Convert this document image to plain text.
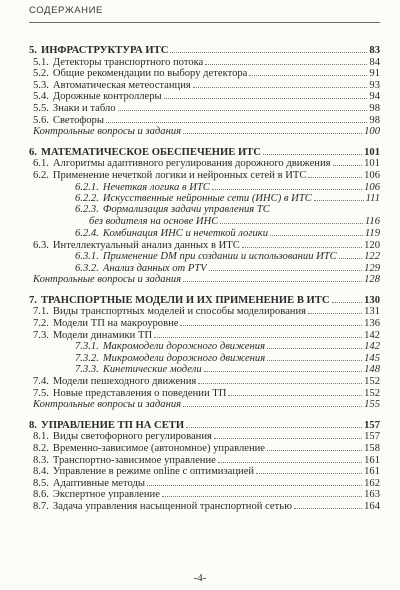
СОДЕРЖАНИЕ
5. ИНФРАСТРУКТУРА ИТС	83
5.1. Детекторы транспортного потока	84
5.2. Общие рекомендации по выбору детектора	91
5.3. Автоматическая метеостанция	93
5.4. Дорожные контроллеры	94
5.5. Знаки и табло	98
5.6. Светофоры	98
Контрольные вопросы и задания	100
6. МАТЕМАТИЧЕСКОЕ ОБЕСПЕЧЕНИЕ ИТС	101
6.1. Алгоритмы адаптивного регулирования дорожного движения	101
6.2. Применение нечеткой логики и нейронных сетей в ИТС	106
6.2.1. Нечеткая логика в ИТС	106
6.2.2. Искусственные нейронные сети (ИНС) в ИТС	111
6.2.3. Формализация задачи управления ТС
без водителя на основе ИНС	116
6.2.4. Комбинация ИНС и нечеткой логики	119
6.3. Интеллектуальный анализ данных в ИТС	120
6.3.1. Применение DM при создании и использовании ИТС	122
6.3.2. Анализ данных от PTV	129
Контрольные вопросы и задания	128
7. ТРАНСПОРТНЫЕ МОДЕЛИ И ИХ ПРИМЕНЕНИЕ В ИТС	130
7.1. Виды транспортных моделей и способы моделирования	131
7.2. Модели ТП на макроуровне	136
7.3. Модели динамики ТП	142
7.3.1. Макромодели дорожного движения	142
7.3.2. Микромодели дорожного движения	145
7.3.3. Кинетические модели	148
7.4. Модели пешеходного движения	152
7.5. Новые представления о поведении ТП	152
Контрольные вопросы и задания	155
8. УПРАВЛЕНИЕ ТП НА СЕТИ	157
8.1. Виды светофорного регулирования	157
8.2. Временно-зависимое (автономное) управление	158
8.3. Транспортно-зависимое управление	161
8.4. Управление в режиме online с оптимизацией	161
8.5. Адаптивные методы	162
8.6. Экспертное управление	163
8.7. Задача управления насыщенной транспортной сетью	164
-4-
